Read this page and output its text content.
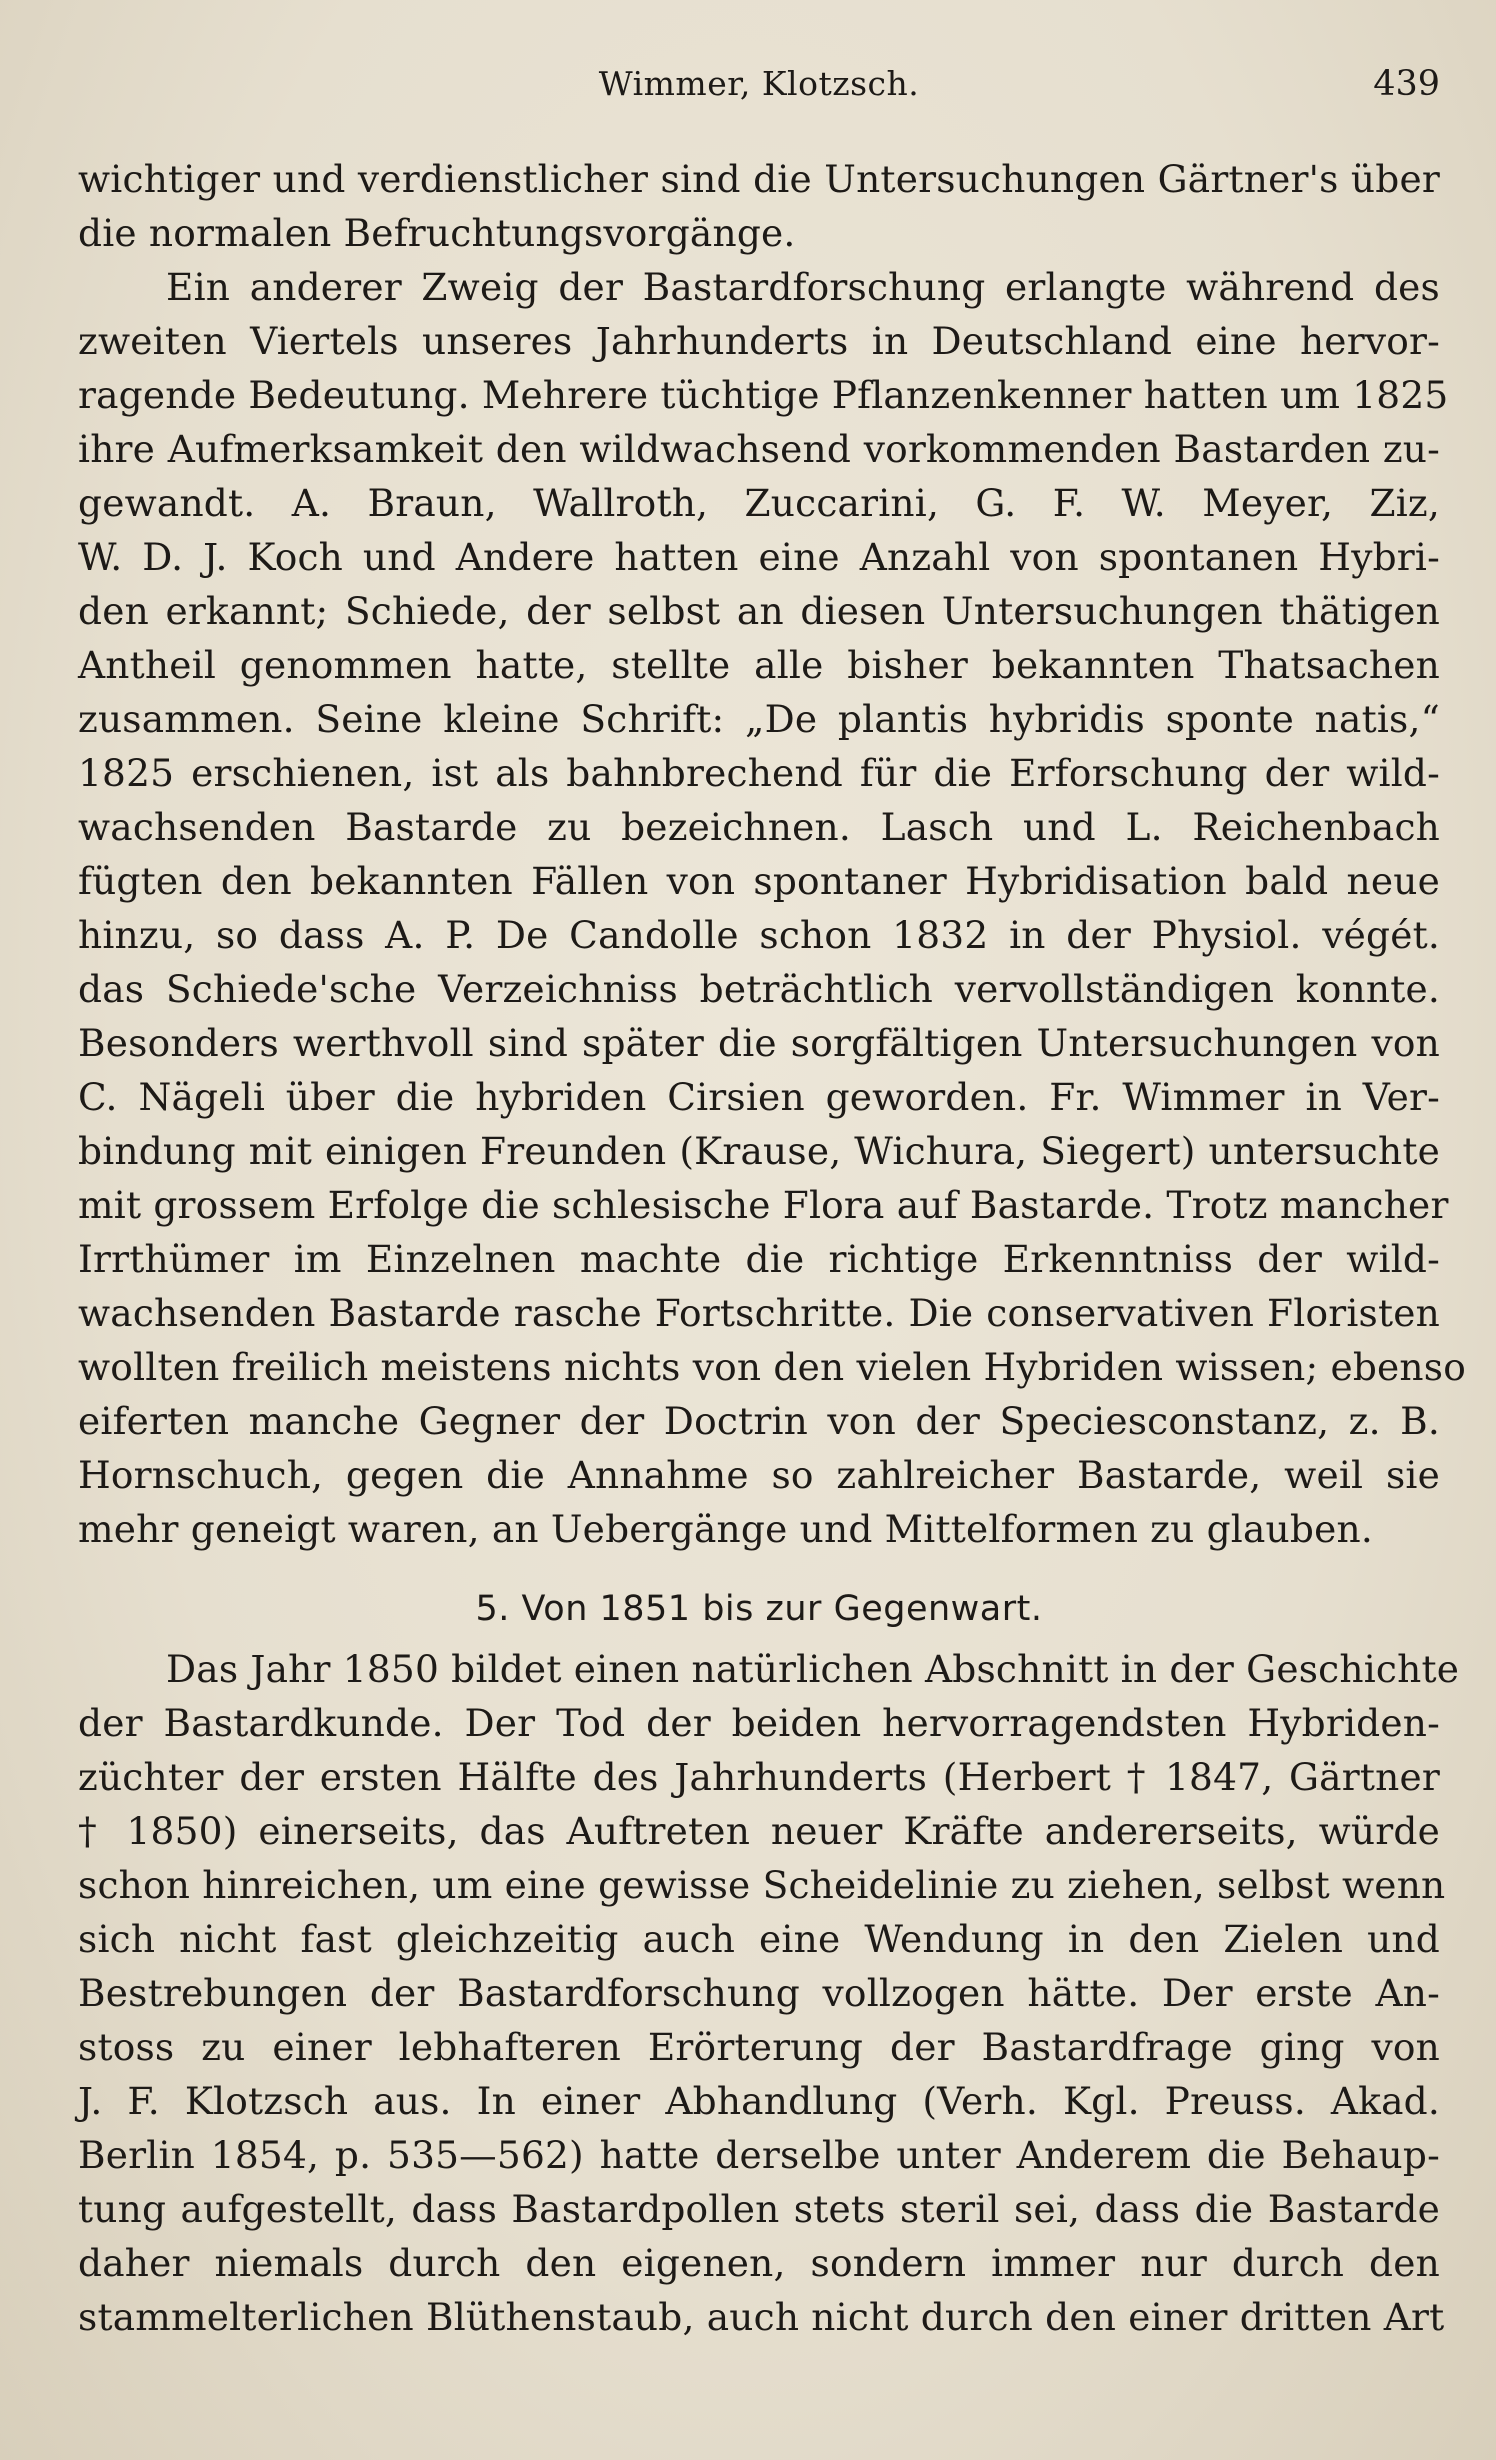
Wimmer, Klotzsch.	439

wichtiger und verdienstlicher sind die Untersuchungen Gärtner's über
die normalen Befruchtungsvorgänge.

Ein anderer Zweig der Bastardforschung erlangte während des
zweiten Viertels unseres Jahrhunderts in Deutschland eine hervor-
ragende Bedeutung. Mehrere tüchtige Pflanzenkenner hatten um 1825
ihre Aufmerksamkeit den wildwachsend vorkommenden Bastarden zu-
gewandt. A. Braun, Wallroth, Zuccarini, G. F. W. Meyer, Ziz,
W. D. J. Koch und Andere hatten eine Anzahl von spontanen Hybri-
den erkannt; Schiede, der selbst an diesen Untersuchungen thätigen
Antheil genommen hatte, stellte alle bisher bekannten Thatsachen
zusammen. Seine kleine Schrift: „De plantis hybridis sponte natis,“
1825 erschienen, ist als bahnbrechend für die Erforschung der wild-
wachsenden Bastarde zu bezeichnen. Lasch und L. Reichenbach
fügten den bekannten Fällen von spontaner Hybridisation bald neue
hinzu, so dass A. P. De Candolle schon 1832 in der Physiol. végét.
das Schiede'sche Verzeichniss beträchtlich vervollständigen konnte.
Besonders werthvoll sind später die sorgfältigen Untersuchungen von
C. Nägeli über die hybriden Cirsien geworden. Fr. Wimmer in Ver-
bindung mit einigen Freunden (Krause, Wichura, Siegert) untersuchte
mit grossem Erfolge die schlesische Flora auf Bastarde. Trotz mancher
Irrthümer im Einzelnen machte die richtige Erkenntniss der wild-
wachsenden Bastarde rasche Fortschritte. Die conservativen Floristen
wollten freilich meistens nichts von den vielen Hybriden wissen; ebenso
eiferten manche Gegner der Doctrin von der Speciesconstanz, z. B.
Hornschuch, gegen die Annahme so zahlreicher Bastarde, weil sie
mehr geneigt waren, an Uebergänge und Mittelformen zu glauben.

5. Von 1851 bis zur Gegenwart.

Das Jahr 1850 bildet einen natürlichen Abschnitt in der Geschichte
der Bastardkunde. Der Tod der beiden hervorragendsten Hybriden-
züchter der ersten Hälfte des Jahrhunderts (Herbert † 1847, Gärtner
† 1850) einerseits, das Auftreten neuer Kräfte andererseits, würde
schon hinreichen, um eine gewisse Scheidelinie zu ziehen, selbst wenn
sich nicht fast gleichzeitig auch eine Wendung in den Zielen und
Bestrebungen der Bastardforschung vollzogen hätte. Der erste An-
stoss zu einer lebhafteren Erörterung der Bastardfrage ging von
J. F. Klotzsch aus. In einer Abhandlung (Verh. Kgl. Preuss. Akad.
Berlin 1854, p. 535—562) hatte derselbe unter Anderem die Behaup-
tung aufgestellt, dass Bastardpollen stets steril sei, dass die Bastarde
daher niemals durch den eigenen, sondern immer nur durch den
stammelterlichen Blüthenstaub, auch nicht durch den einer dritten Art
